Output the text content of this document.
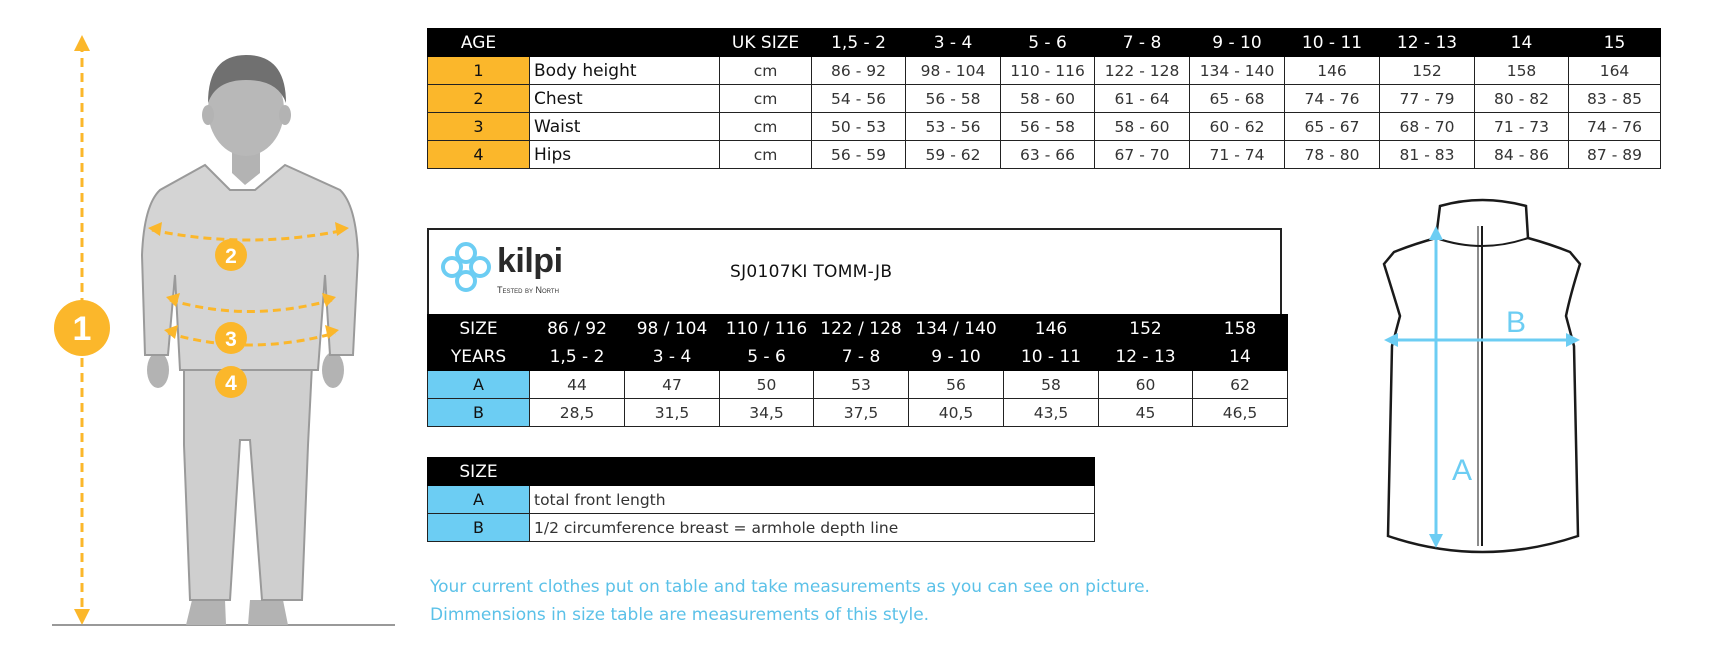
1
2
3
4
AGE		UK SIZE	1,5 - 2	3 - 4	5 - 6	7 - 8	9 - 10	10 - 11	12 - 13	14	15
1	Body height	cm	86 - 92	98 - 104	110 - 116	122 - 128	134 - 140	146	152	158	164
2	Chest	cm	54 - 56	56 - 58	58 - 60	61 - 64	65 - 68	74 - 76	77 - 79	80 - 82	83 - 85
3	Waist	cm	50 - 53	53 - 56	56 - 58	58 - 60	60 - 62	65 - 67	68 - 70	71 - 73	74 - 76
4	Hips	cm	56 - 59	59 - 62	63 - 66	67 - 70	71 - 74	78 - 80	81 - 83	84 - 86	87 - 89
kilpi
Tested by North
SJ0107KI TOMM-JB
SIZE	86 / 92	98 / 104	110 / 116	122 / 128	134 / 140	146	152	158
YEARS	1,5 - 2	3 - 4	5 - 6	7 - 8	9 - 10	10 - 11	12 - 13	14
A	44	47	50	53	56	58	60	62
B	28,5	31,5	34,5	37,5	40,5	43,5	45	46,5
SIZE	
A	total front length
B	1/2 circumference breast = armhole depth line
Your current clothes put on table and take measurements as you can see on picture.
Dimmensions in size table are measurements of this style.
A
B
